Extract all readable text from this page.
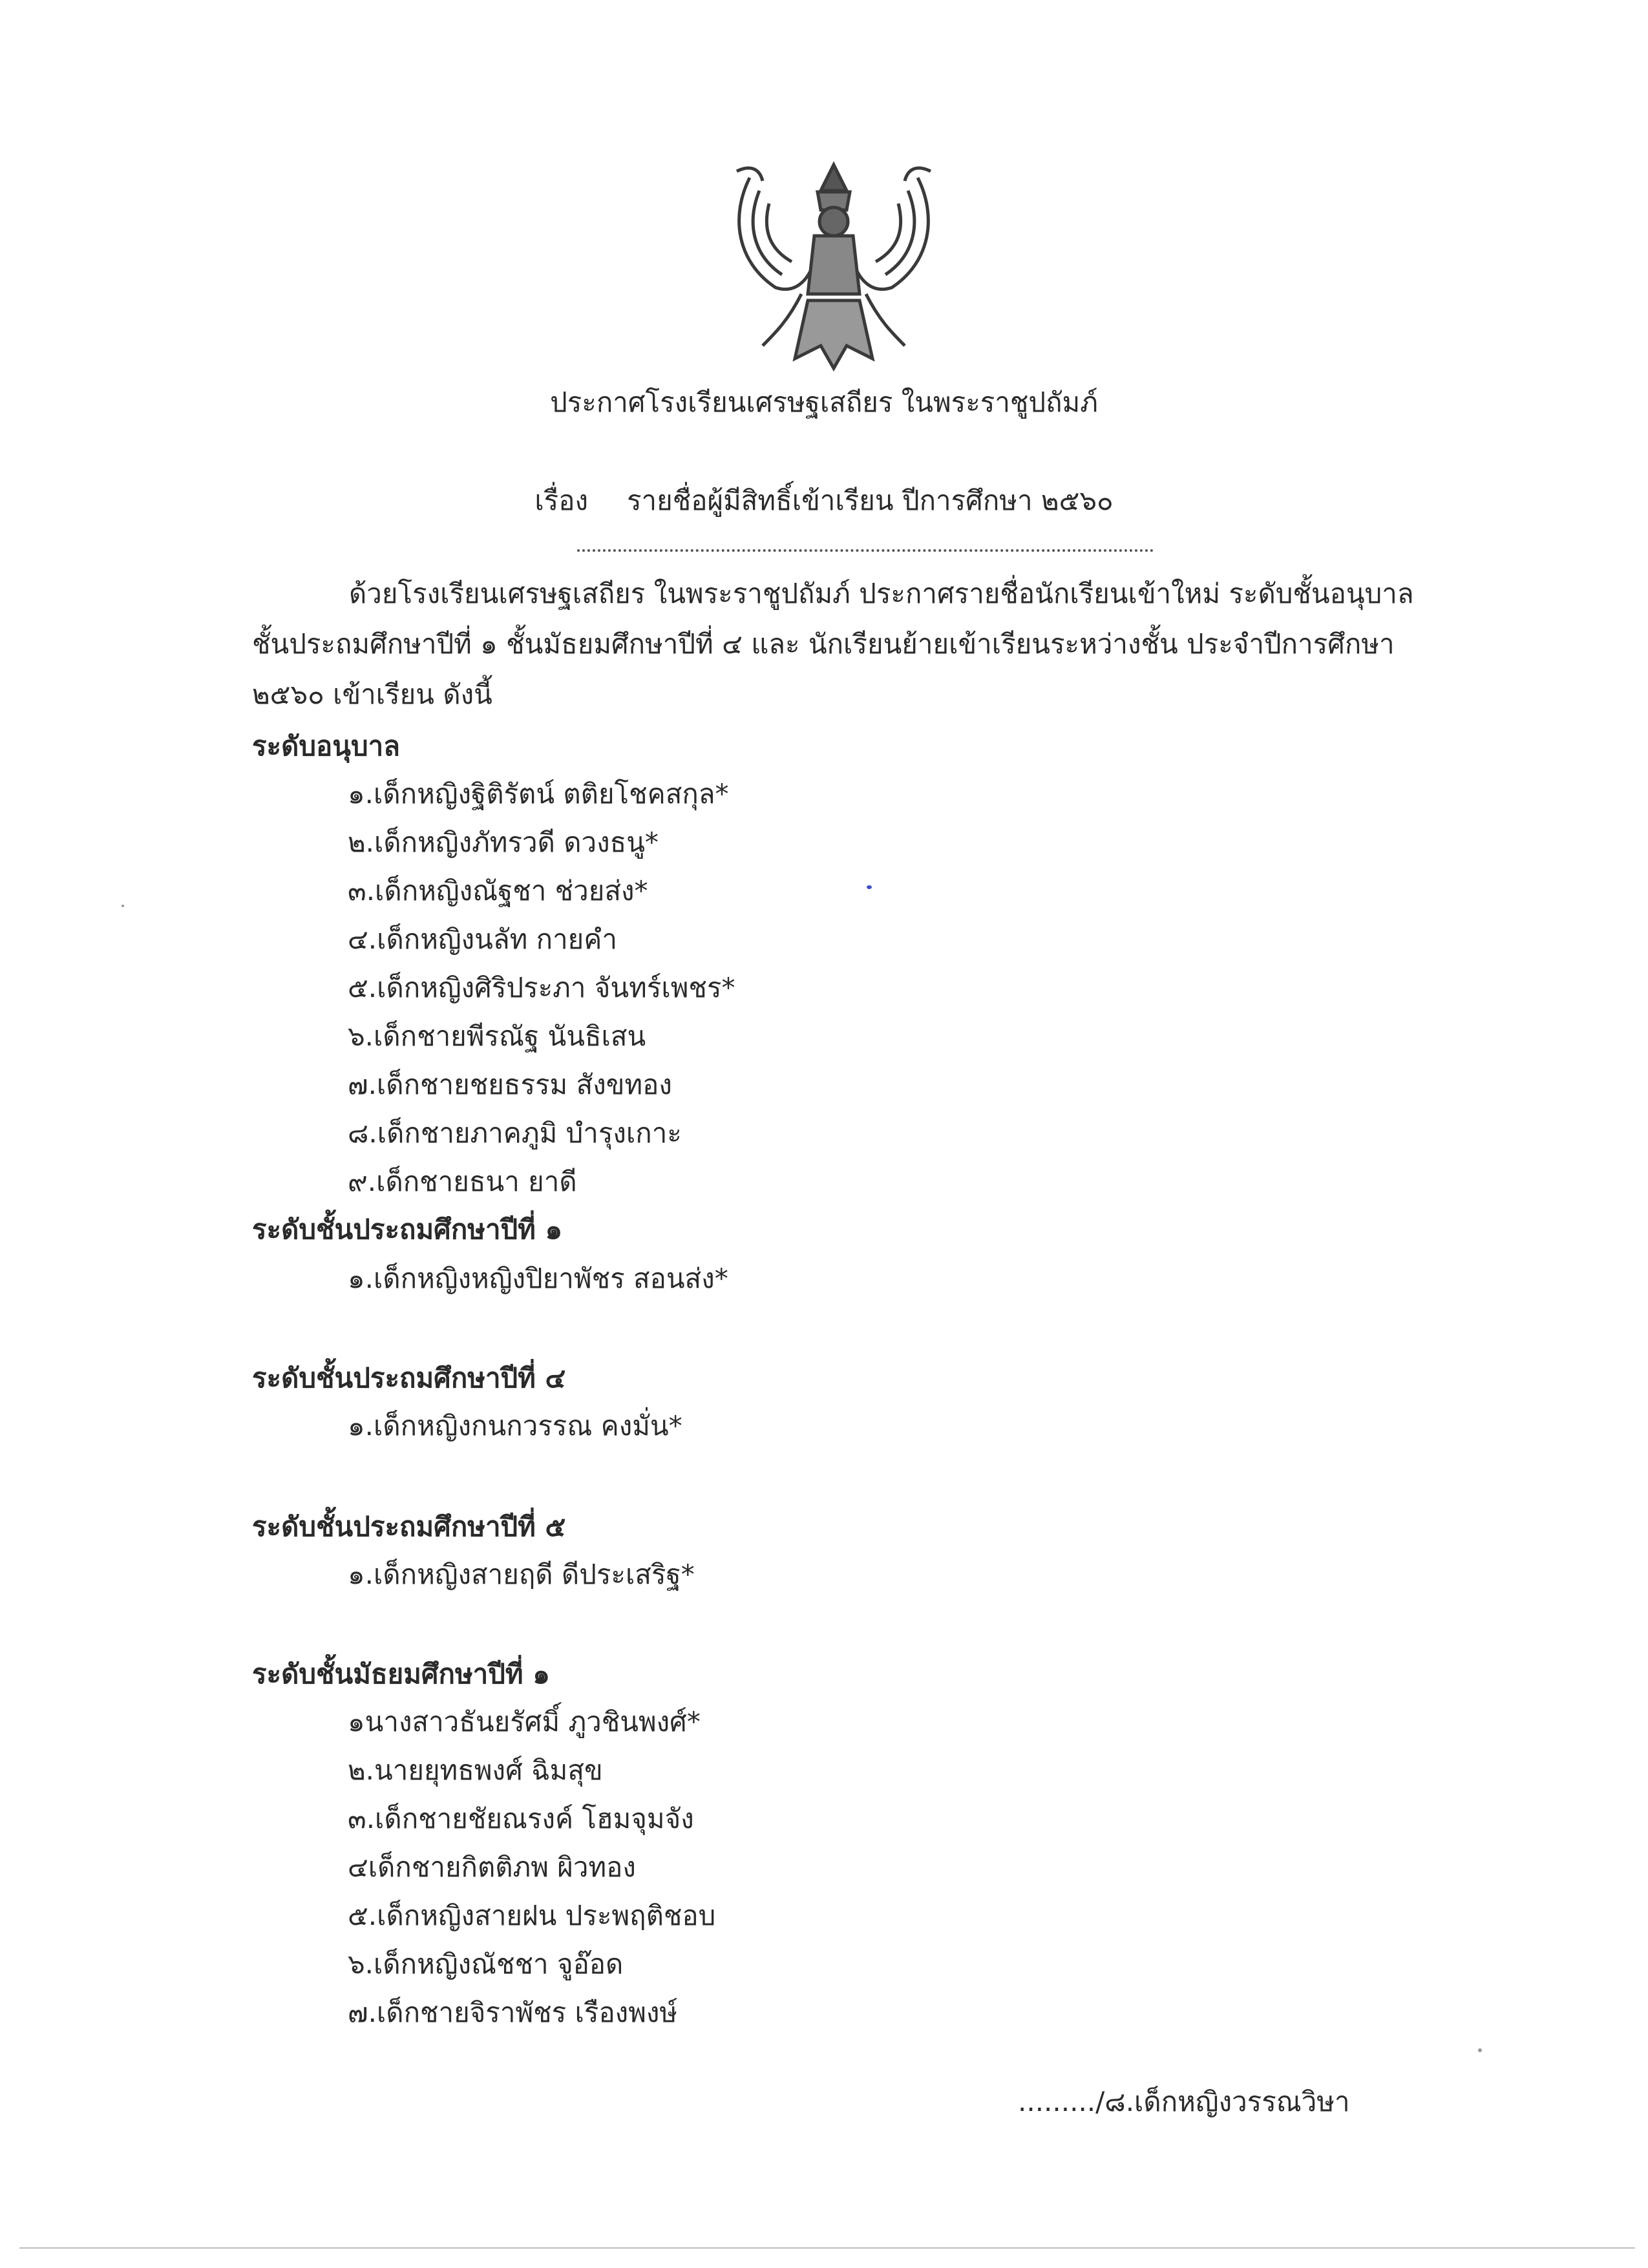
ประกาศโรงเรียนเศรษฐเสถียร ในพระราชูปถัมภ์
เรื่อง รายชื่อผู้มีสิทธิ์เข้าเรียน ปีการศึกษา ๒๕๖๐
ด้วยโรงเรียนเศรษฐเสถียร ในพระราชูปถัมภ์ ประกาศรายชื่อนักเรียนเข้าใหม่ ระดับชั้นอนุบาล
ชั้นประถมศึกษาปีที่ ๑ ชั้นมัธยมศึกษาปีที่ ๔ และ นักเรียนย้ายเข้าเรียนระหว่างชั้น ประจำปีการศึกษา
๒๕๖๐ เข้าเรียน ดังนี้
ระดับอนุบาล
๑.เด็กหญิงฐิติรัตน์ ตติยโชคสกุล*
๒.เด็กหญิงภัทรวดี ดวงธนู*
๓.เด็กหญิงณัฐชา ช่วยส่ง*
๔.เด็กหญิงนลัท กายคำ
๕.เด็กหญิงศิริประภา จันทร์เพชร*
๖.เด็กชายพีรณัฐ นันธิเสน
๗.เด็กชายชยธรรม สังขทอง
๘.เด็กชายภาคภูมิ บำรุงเกาะ
๙.เด็กชายธนา ยาดี
ระดับชั้นประถมศึกษาปีที่ ๑
๑.เด็กหญิงหญิงปิยาพัชร สอนส่ง*
ระดับชั้นประถมศึกษาปีที่ ๔
๑.เด็กหญิงกนกวรรณ คงมั่น*
ระดับชั้นประถมศึกษาปีที่ ๕
๑.เด็กหญิงสายฤดี ดีประเสริฐ*
ระดับชั้นมัธยมศึกษาปีที่ ๑
๑นางสาวธันยรัศมิ์ ภูวชินพงศ์*
๒.นายยุทธพงศ์ ฉิมสุข
๓.เด็กชายชัยณรงค์ โฮมจุมจัง
๔เด็กชายกิตติภพ ผิวทอง
๕.เด็กหญิงสายฝน ประพฤติชอบ
๖.เด็กหญิงณัชชา จูอ๊อด
๗.เด็กชายจิราพัชร เรืองพงษ์
........./๘.เด็กหญิงวรรณวิษา
